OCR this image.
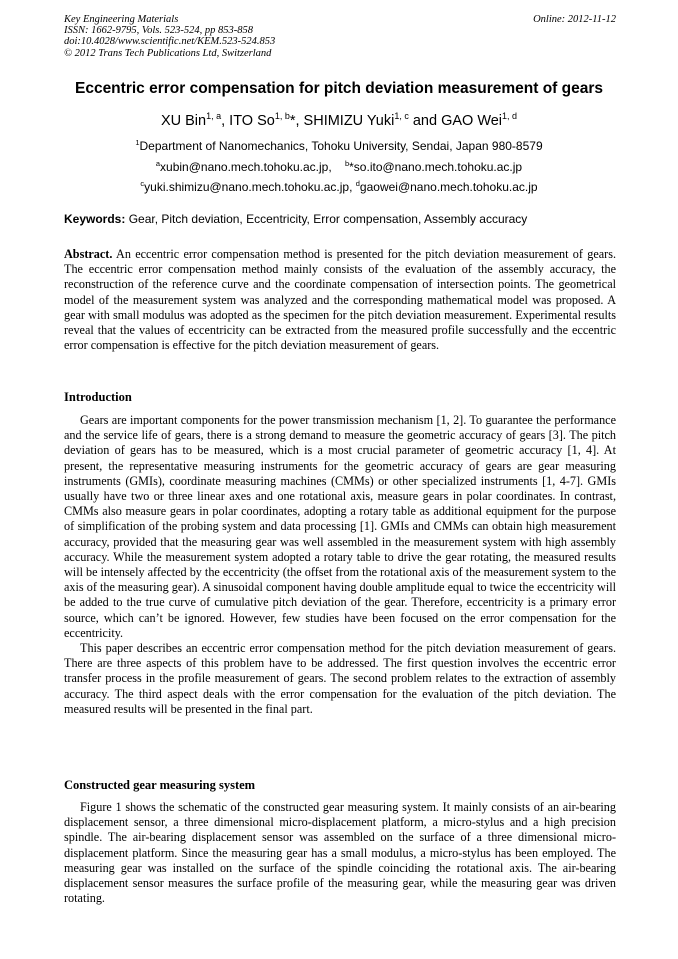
Key Engineering Materials
ISSN: 1662-9795, Vols. 523-524, pp 853-858
doi:10.4028/www.scientific.net/KEM.523-524.853
© 2012 Trans Tech Publications Ltd, Switzerland
Online: 2012-11-12
Eccentric error compensation for pitch deviation measurement of gears
XU Bin$^{1, a}$, ITO So$^{1, b}$*, SHIMIZU Yuki$^{1, c}$ and GAO Wei$^{1, d}$
$^1$Department of Nanomechanics, Tohoku University, Sendai, Japan 980-8579
$^a$xubin@nano.mech.tohoku.ac.jp, $^b$*so.ito@nano.mech.tohoku.ac.jp
$^c$yuki.shimizu@nano.mech.tohoku.ac.jp, $^d$gaowei@nano.mech.tohoku.ac.jp
Keywords: Gear, Pitch deviation, Eccentricity, Error compensation, Assembly accuracy

Abstract. An eccentric error compensation method is presented for the pitch deviation measurement of gears. The eccentric error compensation method mainly consists of the evaluation of the assembly accuracy, the reconstruction of the reference curve and the coordinate compensation of intersection points. The geometrical model of the measurement system was analyzed and the corresponding mathematical model was proposed. A gear with small modulus was adopted as the specimen for the pitch deviation measurement. Experimental results reveal that the values of eccentricity can be extracted from the measured profile successfully and the eccentric error compensation is effective for the pitch deviation measurement of gears.

Introduction

Gears are important components for the power transmission mechanism [1, 2]. To guarantee the performance and the service life of gears, there is a strong demand to measure the geometric accuracy of gears [3]. The pitch deviation of gears has to be measured, which is a most crucial parameter of geometric accuracy [1, 4]. At present, the representative measuring instruments for the geometric accuracy of gears are gear measuring instruments (GMIs), coordinate measuring machines (CMMs) or other specialized instruments [1, 4-7]. GMIs usually have two or three linear axes and one rotational axis, measure gears in polar coordinates. In contrast, CMMs also measure gears in polar coordinates, adopting a rotary table as additional equipment for the purpose of simplification of the probing system and data processing [1]. GMIs and CMMs can obtain high measurement accuracy, provided that the measuring gear was well assembled in the measurement system with high assembly accuracy. While the measurement system adopted a rotary table to drive the gear rotating, the measured results will be intensely affected by the eccentricity (the offset from the rotational axis of the measurement system to the axis of the measuring gear). A sinusoidal component having double amplitude equal to twice the eccentricity will be added to the true curve of cumulative pitch deviation of the gear. Therefore, eccentricity is a primary error source, which can’t be ignored. However, few studies have been focused on the error compensation for the eccentricity.

This paper describes an eccentric error compensation method for the pitch deviation measurement of gears. There are three aspects of this problem have to be addressed. The first question involves the eccentric error transfer process in the profile measurement of gears. The second problem relates to the extraction of assembly accuracy. The third aspect deals with the error compensation for the evaluation of the pitch deviation. The measured results will be presented in the final part.

Constructed gear measuring system

Figure 1 shows the schematic of the constructed gear measuring system. It mainly consists of an air-bearing displacement sensor, a three dimensional micro-displacement platform, a micro-stylus and a high precision spindle. The air-bearing displacement sensor was assembled on the surface of a three dimensional micro-displacement platform. Since the measuring gear has a small modulus, a micro-stylus has been employed. The measuring gear was installed on the surface of the spindle coinciding the rotational axis. The air-bearing displacement sensor measures the surface profile of the measuring gear, while the measuring gear was driven rotating.
